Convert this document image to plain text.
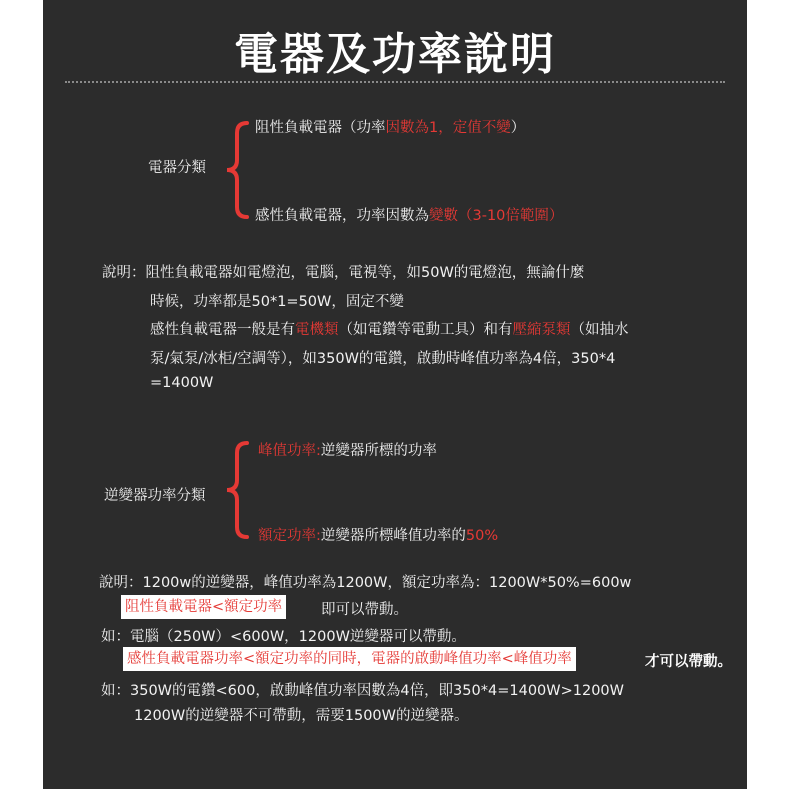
電器及功率說明
電器分類
阻性負載電器（功率因數為1，定值不變）
感性負載電器，功率因數為變數（3-10倍範圍）
說明：阻性負載電器如電燈泡，電腦，電視等，如50W的電燈泡，無論什麼
時候，功率都是50*1=50W，固定不變
感性負載電器一般是有電機類（如電鑽等電動工具）和有壓縮泵類（如抽水
泵/氣泵/冰柜/空調等），如350W的電鑽，啟動時峰值功率為4倍，350*4
=1400W
逆變器功率分類
峰值功率:逆變器所標的功率
額定功率:逆變器所標峰值功率的50%
說明：1200w的逆變器，峰值功率為1200W，額定功率為：1200W*50%=600w
阻性負載電器<額定功率	即可以帶動。
如：電腦（250W）<600W，1200W逆變器可以帶動。
感性負載電器功率<額定功率的同時，電器的啟動峰值功率<峰值功率	才可以帶動。
如：350W的電鑽<600，啟動峰值功率因數為4倍，即350*4=1400W>1200W
1200W的逆變器不可帶動，需要1500W的逆變器。
